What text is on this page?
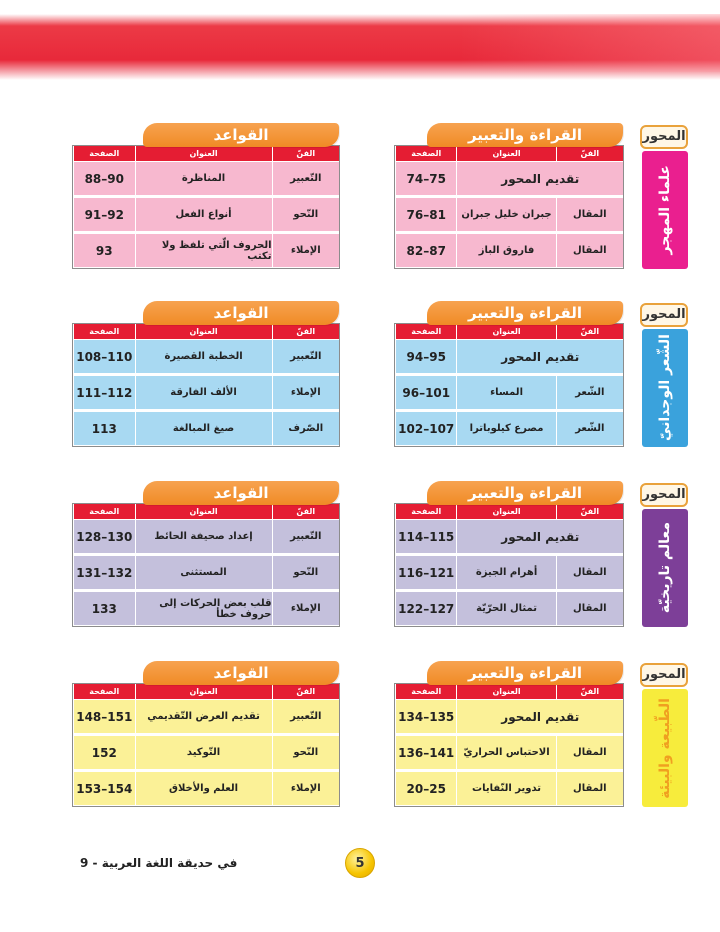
المحور
علماء المهجر
الصفحة	العنوان	الفنّ
75–74	تقديم المحور
81–76	جبران خليل جبران	المقال
87–82	فاروق الباز	المقال
الصفحة	العنوان	الفنّ
90–88	المناظرة	التّعبير
92–91	أنواع الفعل	النّحو
93	الحروف الّتي تلفظ ولا تكتب	الإملاء
القراءة والتعبير
القواعد
المحور
الشّعر الوجدانيّ
الصفحة	العنوان	الفنّ
95–94	تقديم المحور
101–96	المساء	الشّعر
107–102	مصرع كيلوباترا	الشّعر
الصفحة	العنوان	الفنّ
110–108	الخطبة القصيرة	التّعبير
112–111	الألف الفارقة	الإملاء
113	صيغ المبالغة	الصّرف
القراءة والتعبير
القواعد
المحور
معالم تاريخيّة
الصفحة	العنوان	الفنّ
115–114	تقديم المحور
121–116	أهرام الجيزة	المقال
127–122	تمثال الحرّيّة	المقال
الصفحة	العنوان	الفنّ
130–128	إعداد صحيفة الحائط	التّعبير
132–131	المستثنى	النّحو
133	قلب بعض الحركات إلى حروف خطأ	الإملاء
القراءة والتعبير
القواعد
المحور
الطّبيعة والبيئة
الصفحة	العنوان	الفنّ
135–134	تقديم المحور
141–136 الاحتباس الحراريّ	المقال
25–20	تدوير النّفايات	المقال
الصفحة	العنوان	الفنّ
151–148	تقديم العرض التّقديمي	التّعبير
152	التّوكيد	النّحو
154–153	العلم والأخلاق	الإملاء
القراءة والتعبير
القواعد
في حديقة اللغة العربية - 9	5
